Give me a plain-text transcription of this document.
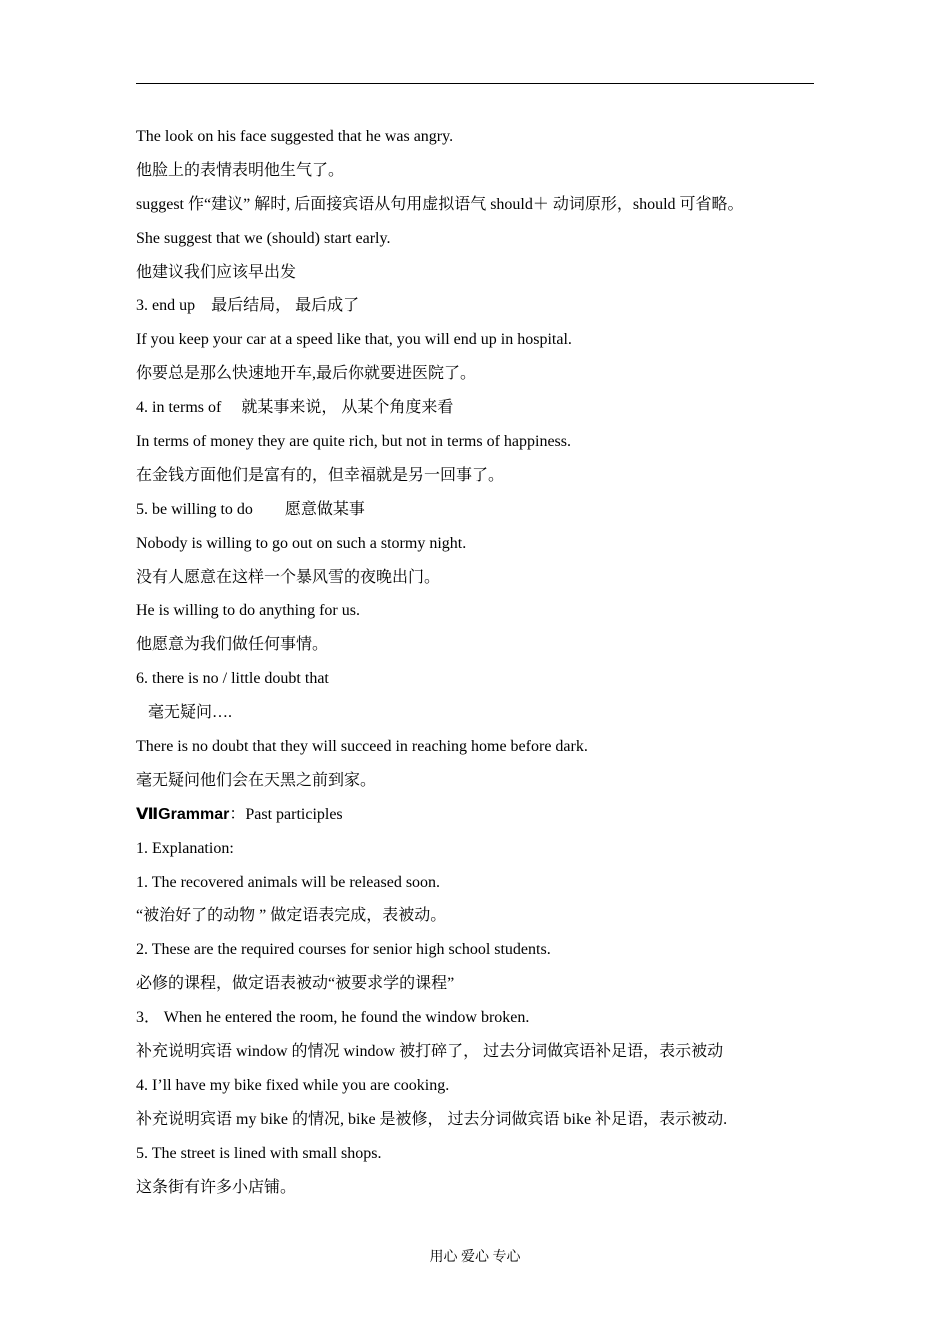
The look on his face suggested that he was angry.

他脸上的表情表明他生气了。

suggest 作“建议” 解时, 后面接宾语从句用虚拟语气 should＋ 动词原形，should 可省略。

She suggest that we (should) start early.

他建议我们应该早出发

3. end up　最后结局， 最后成了

If you keep your car at a speed like that, you will end up in hospital.

你要总是那么快速地开车,最后你就要进医院了。

4. in terms of　 就某事来说， 从某个角度来看

In terms of money they are quite rich, but not in terms of happiness.

在金钱方面他们是富有的，但幸福就是另一回事了。

5. be willing to do　　愿意做某事

Nobody is willing to go out on such a stormy night.

没有人愿意在这样一个暴风雪的夜晚出门。

He is willing to do anything for us.

他愿意为我们做任何事情。

6. there is no / little doubt that

毫无疑问….

There is no doubt that they will succeed in reaching home before dark.

毫无疑问他们会在天黑之前到家。

ⅦGrammar：Past participles

1. Explanation:

1. The recovered animals will be released soon.

“被治好了的动物 ” 做定语表完成，表被动。

2. These are the required courses for senior high school students.

必修的课程，做定语表被动“被要求学的课程”

3． When he entered the room, he found the window broken.

补充说明宾语 window 的情况 window 被打碎了， 过去分词做宾语补足语，表示被动

4. I’ll have my bike fixed while you are cooking.

补充说明宾语 my bike 的情况, bike 是被修， 过去分词做宾语 bike 补足语，表示被动.

5. The street is lined with small shops.

这条街有许多小店铺。

用心 爱心 专心
